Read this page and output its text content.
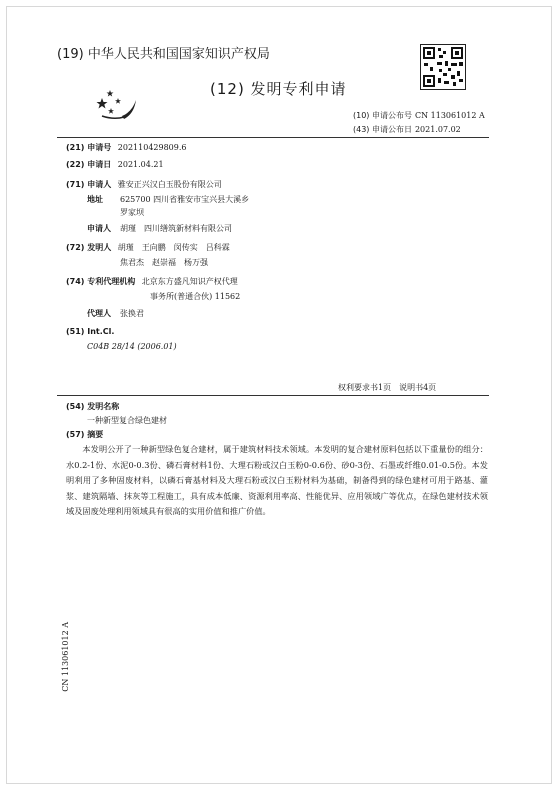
(19) 中华人民共和国国家知识产权局
(12) 发明专利申请
(10) 申请公布号 CN 113061012 A
(43) 申请公布日 2021.07.02
(21) 申请号 202110429809.6
(22) 申请日 2021.04.21
(71) 申请人 雅安正兴汉白玉股份有限公司
地址 625700 四川省雅安市宝兴县大溪乡
罗家坝
申请人 胡瑾　四川缮筑新材料有限公司
(72) 发明人 胡瑾　王向鹏　闵传实　吕科霖
焦君杰　赵崇福　杨万强
(74) 专利代理机构 北京东方盛凡知识产权代理
事务所(普通合伙) 11562
代理人 张换君
(51) Int.Cl.
C04B 28/14 (2006.01)
权利要求书1页　说明书4页
(54) 发明名称
一种新型复合绿色建材
(57) 摘要
本发明公开了一种新型绿色复合建材，属于建筑材料技术领域。本发明的复合建材原料包括以下重量份的组分：水0.2-1份、水泥0-0.3份、磷石膏材料1份、大理石粉或汉白玉粉0-0.6份、砂0-3份、石墨或纤维0.01-0.5份。本发明利用了多种固废材料，以磷石膏基材料及大理石粉或汉白玉粉材料为基础，制备得到的绿色建材可用于路基、灌浆、建筑隔墙、抹灰等工程施工，具有成本低廉、资源利用率高、性能优异、应用领域广等优点，在绿色建材技术领域及固废处理利用领域具有很高的实用价值和推广价值。
CN 113061012 A
